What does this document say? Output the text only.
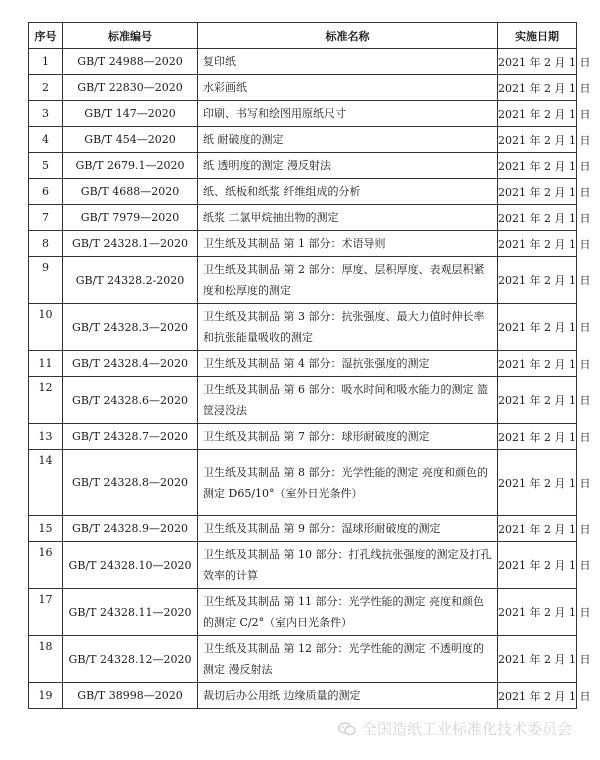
序号	标准编号	标准名称	实施日期
1	GB/T 24988—2020	复印纸	2021 年 2 月 1 日
2	GB/T 22830—2020	水彩画纸	2021 年 2 月 1 日
3	GB/T 147—2020	印刷、书写和绘图用原纸尺寸	2021 年 2 月 1 日
4	GB/T 454—2020	纸 耐破度的测定	2021 年 2 月 1 日
5	GB/T 2679.1—2020	纸 透明度的测定 漫反射法	2021 年 2 月 1 日
6	GB/T 4688—2020	纸、纸板和纸浆 纤维组成的分析	2021 年 2 月 1 日
7	GB/T 7979—2020	纸浆 二氯甲烷抽出物的测定	2021 年 2 月 1 日
8	GB/T 24328.1—2020	卫生纸及其制品 第 1 部分：术语导则	2021 年 2 月 1 日
9	GB/T 24328.2-2020	卫生纸及其制品 第 2 部分：厚度、层积厚度、表观层积紧度和松厚度的测定	2021 年 2 月 1 日
10	GB/T 24328.3—2020	卫生纸及其制品 第 3 部分：抗张强度、最大力值时伸长率和抗张能量吸收的测定	2021 年 2 月 1 日
11	GB/T 24328.4—2020	卫生纸及其制品 第 4 部分：湿抗张强度的测定	2021 年 2 月 1 日
12	GB/T 24328.6—2020	卫生纸及其制品 第 6 部分：吸水时间和吸水能力的测定 篮筐浸没法	2021 年 2 月 1 日
13	GB/T 24328.7—2020	卫生纸及其制品 第 7 部分：球形耐破度的测定	2021 年 2 月 1 日
14	GB/T 24328.8—2020	卫生纸及其制品 第 8 部分：光学性能的测定 亮度和颜色的测定 D65/10°（室外日光条件）	2021 年 2 月 1 日
15	GB/T 24328.9—2020	卫生纸及其制品 第 9 部分：湿球形耐破度的测定	2021 年 2 月 1 日
16	GB/T 24328.10—2020	卫生纸及其制品 第 10 部分：打孔线抗张强度的测定及打孔效率的计算	2021 年 2 月 1 日
17	GB/T 24328.11—2020	卫生纸及其制品 第 11 部分：光学性能的测定 亮度和颜色的测定 C/2°（室内日光条件）	2021 年 2 月 1 日
18	GB/T 24328.12—2020	卫生纸及其制品 第 12 部分：光学性能的测定 不透明度的测定 漫反射法	2021 年 2 月 1 日
19	GB/T 38998—2020	裁切后办公用纸 边缘质量的测定	2021 年 2 月 1 日
全国造纸工业标准化技术委员会
